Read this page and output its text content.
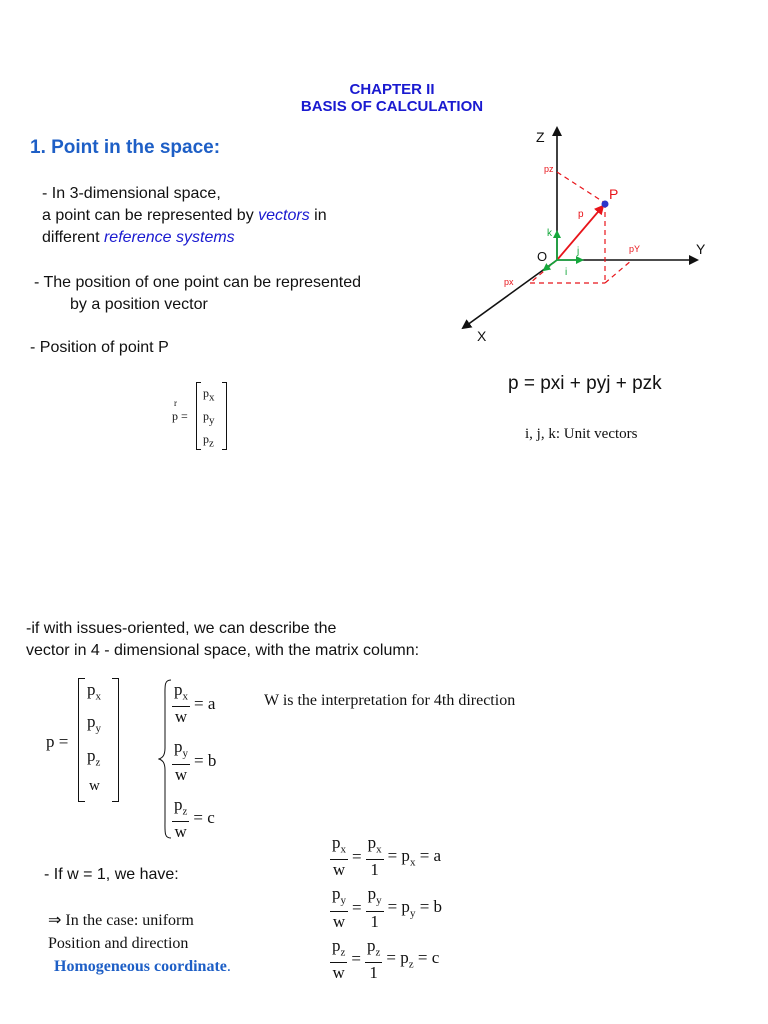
CHAPTER II
BASIS OF CALCULATION
1. Point in the space:
- In 3-dimensional space,
a point can be represented by vectors in
different reference systems
- The position of one point can be represented
by a position vector
- Position of point P
r
p =
$p_x$
$p_y$
$p_z$
Z
Y
X
O
P
pz
pY
px
p
k
j
i
p = pxi + pyj + pzk
i, j, k: Unit vectors
-if with issues-oriented, we can describe the
vector in 4 - dimensional space, with the matrix column:
p =
$p_x$
$p_y$
$p_z$
w
$\frac{p_x}{w} = a$
$\frac{p_y}{w} = b$
$\frac{p_z}{w} = c$
W is the interpretation for 4th direction
- If w = 1, we have:	$\frac{p_x}{w} = \frac{p_x}{1} = p_x = a$
$\frac{p_y}{w} = \frac{p_y}{1} = p_y = b$
$\frac{p_z}{w} = \frac{p_z}{1} = p_z = c$
⇒ In the case: uniform
Position and direction
Homogeneous coordinate.
